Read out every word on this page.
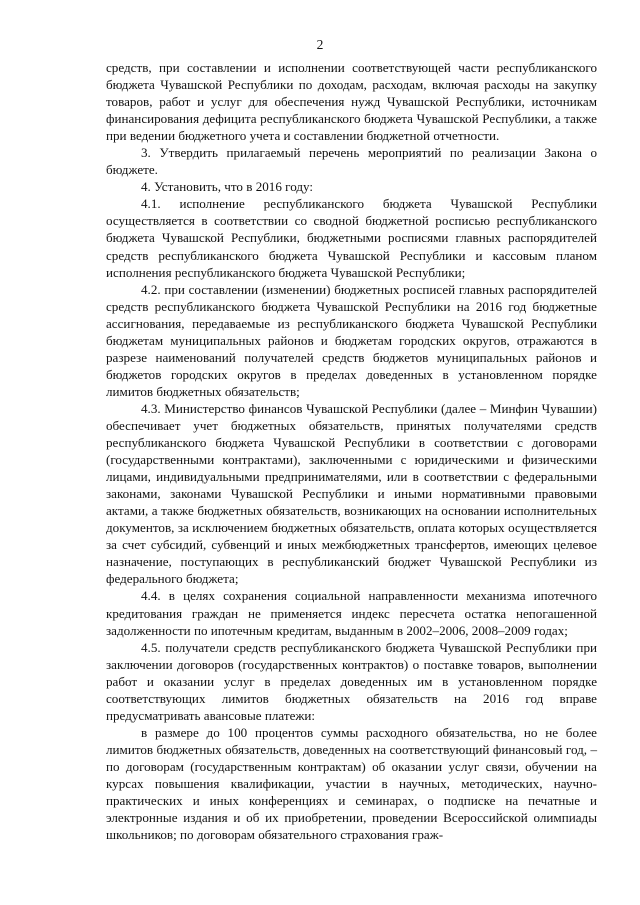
2

средств, при составлении и исполнении соответствующей части республиканского бюджета Чувашской Республики по доходам, расходам, включая расходы на закупку товаров, работ и услуг для обеспечения нужд Чувашской Республики, источникам финансирования дефицита республиканского бюджета Чувашской Республики, а также при ведении бюджетного учета и составлении бюджетной отчетности.

3. Утвердить прилагаемый перечень мероприятий по реализации Закона о бюджете.

4. Установить, что в 2016 году:

4.1. исполнение республиканского бюджета Чувашской Республики осуществляется в соответствии со сводной бюджетной росписью республиканского бюджета Чувашской Республики, бюджетными росписями главных распорядителей средств республиканского бюджета Чувашской Республики и кассовым планом исполнения республиканского бюджета Чувашской Республики;

4.2. при составлении (изменении) бюджетных росписей главных распорядителей средств республиканского бюджета Чувашской Республики на 2016 год бюджетные ассигнования, передаваемые из республиканского бюджета Чувашской Республики бюджетам муниципальных районов и бюджетам городских округов, отражаются в разрезе наименований получателей средств бюджетов муниципальных районов и бюджетов городских округов в пределах доведенных в установленном порядке лимитов бюджетных обязательств;

4.3. Министерство финансов Чувашской Республики (далее – Минфин Чувашии) обеспечивает учет бюджетных обязательств, принятых получателями средств республиканского бюджета Чувашской Республики в соответствии с договорами (государственными контрактами), заключенными с юридическими и физическими лицами, индивидуальными предпринимателями, или в соответствии с федеральными законами, законами Чувашской Республики и иными нормативными правовыми актами, а также бюджетных обязательств, возникающих на основании исполнительных документов, за исключением бюджетных обязательств, оплата которых осуществляется за счет субсидий, субвенций и иных межбюджетных трансфертов, имеющих целевое назначение, поступающих в республиканский бюджет Чувашской Республики из федерального бюджета;

4.4. в целях сохранения социальной направленности механизма ипотечного кредитования граждан не применяется индекс пересчета остатка непогашенной задолженности по ипотечным кредитам, выданным в 2002–2006, 2008–2009 годах;

4.5. получатели средств республиканского бюджета Чувашской Республики при заключении договоров (государственных контрактов) о поставке товаров, выполнении работ и оказании услуг в пределах доведенных им в установленном порядке соответствующих лимитов бюджетных обязательств на 2016 год вправе предусматривать авансовые платежи:

в размере до 100 процентов суммы расходного обязательства, но не более лимитов бюджетных обязательств, доведенных на соответствующий финансовый год, – по договорам (государственным контрактам) об оказании услуг связи, обучении на курсах повышения квалификации, участии в научных, методических, научно-практических и иных конференциях и семинарах, о подписке на печатные и электронные издания и об их приобретении, проведении Всероссийской олимпиады школьников; по договорам обязательного страхования граж-
